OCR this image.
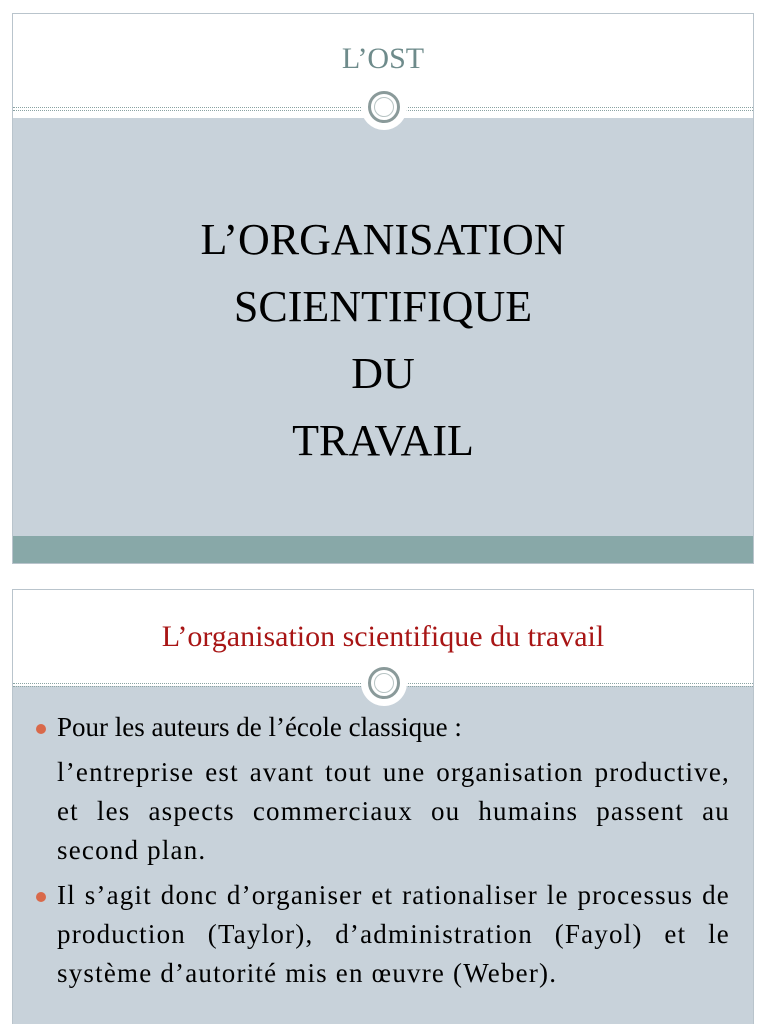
L’OST
L’ORGANISATION
SCIENTIFIQUE
DU
TRAVAIL
L’organisation scientifique du travail
Pour les auteurs de l’école classique :
l’entreprise est avant tout une organisation productive, et les aspects commerciaux ou humains passent au second plan.
Il s’agit donc d’organiser et rationaliser le processus de production (Taylor), d’administration (Fayol) et le système d’autorité mis en œuvre (Weber).
